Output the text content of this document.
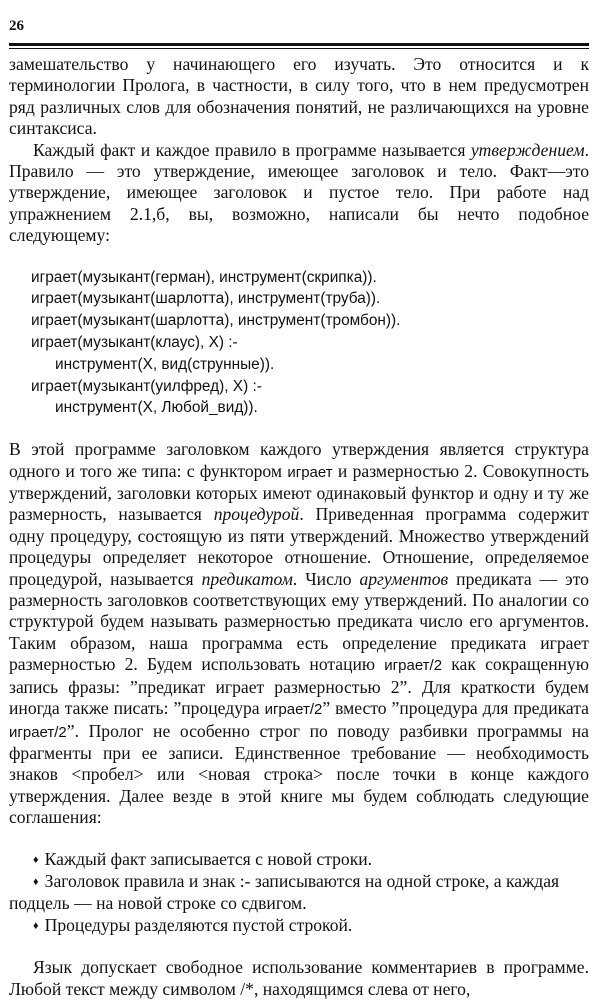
26

замешательство у начинающего его изучать. Это относится и к терминологии Пролога, в частности, в силу того, что в нем предусмотрен ряд различных слов для обозначения понятий, не различающихся на уровне синтаксиса.

Каждый факт и каждое правило в программе называется утверждением. Правило — это утверждение, имеющее заголовок и тело. Факт—это утверждение, имеющее заголовок и пустое тело. При работе над упражнением 2.1,б, вы, возможно, написали бы нечто подобное следующему:

играет(музыкант(герман), инструмент(скрипка)).
играет(музыкант(шарлотта), инструмент(труба)).
играет(музыкант(шарлотта), инструмент(тромбон)).
играет(музыкант(клаус), X) :-
инструмент(X, вид(струнные)).
играет(музыкант(уилфред), X) :-
инструмент(X, Любой_вид)).

В этой программе заголовком каждого утверждения является структура одного и того же типа: с функтором играет и размерностью 2. Совокупность утверждений, заголовки которых имеют одинаковый функтор и одну и ту же размерность, называется процедурой. Приведенная программа содержит одну процедуру, состоящую из пяти утверждений. Множество утверждений процедуры определяет некоторое отношение. Отношение, определяемое процедурой, называется предикатом. Число аргументов предиката — это размерность заголовков соответствующих ему утверждений. По аналогии со структурой будем называть размерностью предиката число его аргументов. Таким образом, наша программа есть определение предиката играет размерностью 2. Будем использовать нотацию играет/2 как сокращенную запись фразы: ”предикат играет размерностью 2”. Для краткости будем иногда также писать: ”процедура играет/2” вместо ”процедура для предиката играет/2”. Пролог не особенно строг по поводу разбивки программы на фрагменты при ее записи. Единственное требование — необходимость знаков <пробел> или <новая строка> после точки в конце каждого утверждения. Далее везде в этой книге мы будем соблюдать следующие соглашения:

♦ Каждый факт записывается с новой строки.
♦ Заголовок правила и знак :- записываются на одной строке, а каждая подцель — на новой строке со сдвигом.
♦ Процедуры разделяются пустой строкой.

Язык допускает свободное использование комментариев в программе. Любой текст между символом /*, находящимся слева от него,
